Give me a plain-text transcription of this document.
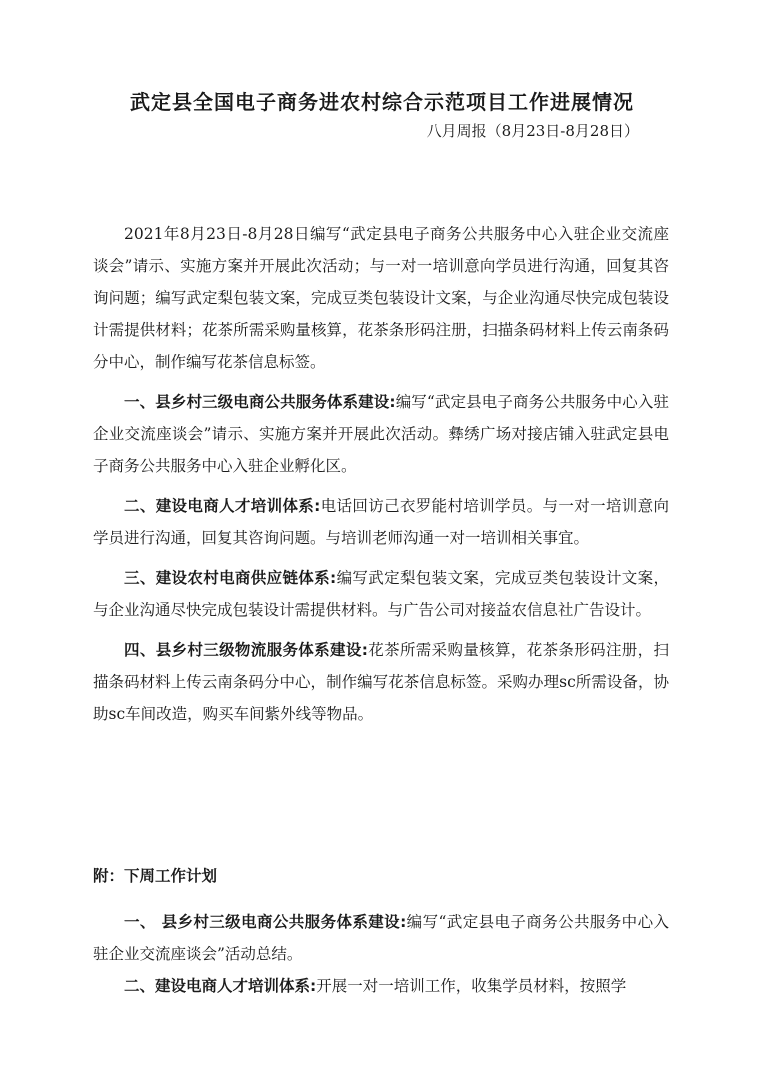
武定县全国电子商务进农村综合示范项目工作进展情况
八月周报（8月23日-8月28日）

2021年8月23日-8月28日编写“武定县电子商务公共服务中心入驻企业交流座谈会”请示、实施方案并开展此次活动；与一对一培训意向学员进行沟通，回复其咨询问题；编写武定梨包装文案，完成豆类包装设计文案，与企业沟通尽快完成包装设计需提供材料；花茶所需采购量核算，花茶条形码注册，扫描条码材料上传云南条码分中心，制作编写花茶信息标签。

一、县乡村三级电商公共服务体系建设:编写“武定县电子商务公共服务中心入驻企业交流座谈会”请示、实施方案并开展此次活动。彝绣广场对接店铺入驻武定县电子商务公共服务中心入驻企业孵化区。

二、建设电商人才培训体系:电话回访己衣罗能村培训学员。与一对一培训意向学员进行沟通，回复其咨询问题。与培训老师沟通一对一培训相关事宜。

三、建设农村电商供应链体系:编写武定梨包装文案，完成豆类包装设计文案，与企业沟通尽快完成包装设计需提供材料。与广告公司对接益农信息社广告设计。

四、县乡村三级物流服务体系建设:花茶所需采购量核算，花茶条形码注册，扫描条码材料上传云南条码分中心，制作编写花茶信息标签。采购办理sc所需设备，协助sc车间改造，购买车间紫外线等物品。

附：下周工作计划

一、 县乡村三级电商公共服务体系建设:编写“武定县电子商务公共服务中心入驻企业交流座谈会”活动总结。

二、建设电商人才培训体系:开展一对一培训工作，收集学员材料，按照学
